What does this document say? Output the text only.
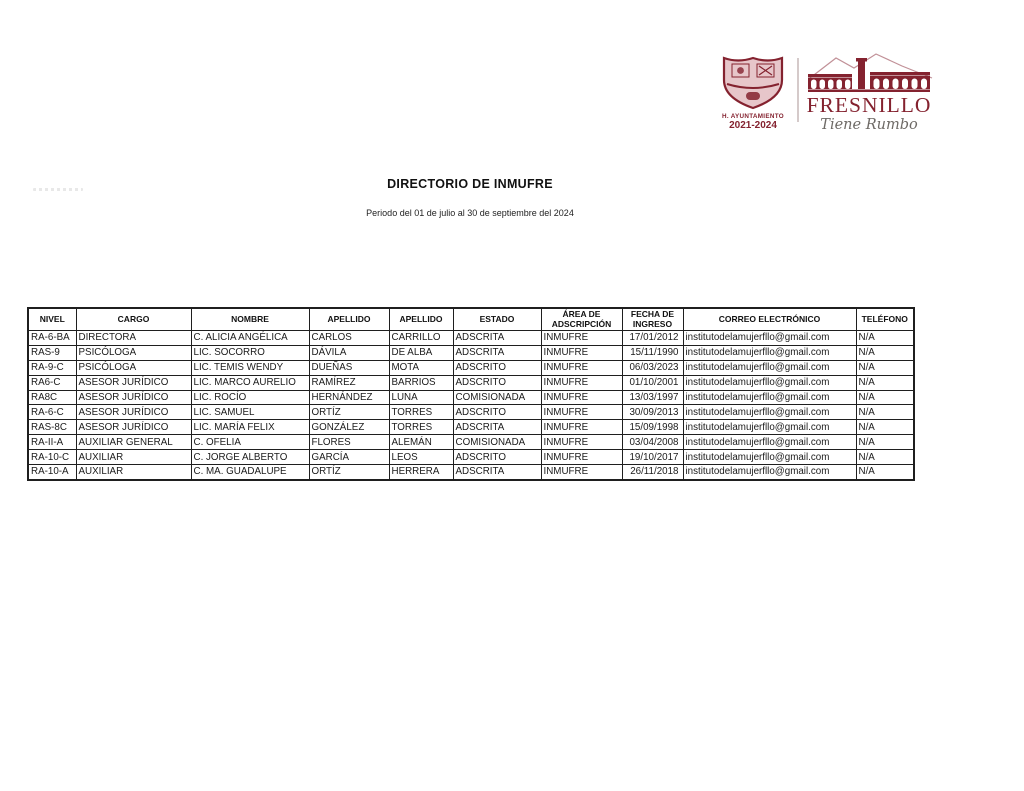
H. AYUNTAMIENTO
2021-2024
FRESNILLO
Tiene Rumbo
DIRECTORIO DE INMUFRE
Periodo del 01 de julio al 30 de septiembre del 2024
NIVEL	CARGO	NOMBRE	APELLIDO	APELLIDO	ESTADO	ÁREA DE ADSCRIPCIÓN	FECHA DE INGRESO	CORREO ELECTRÓNICO	TELÉFONO
RA-6-BA	DIRECTORA	C. ALICIA ANGÉLICA	CARLOS	CARRILLO	ADSCRITA	INMUFRE	17/01/2012	institutodelamujerfllo@gmail.com	N/A
RAS-9	PSICÓLOGA	LIC. SOCORRO	DÁVILA	DE ALBA	ADSCRITA	INMUFRE	15/11/1990	institutodelamujerfllo@gmail.com	N/A
RA-9-C	PSICÓLOGA	LIC. TEMIS WENDY	DUEÑAS	MOTA	ADSCRITO	INMUFRE	06/03/2023	institutodelamujerfllo@gmail.com	N/A
RA6-C	ASESOR JURÍDICO	LIC. MARCO AURELIO	RAMÍREZ	BARRIOS	ADSCRITO	INMUFRE	01/10/2001	institutodelamujerfllo@gmail.com	N/A
RA8C	ASESOR JURÍDICO	LIC. ROCÍO	HERNÁNDEZ	LUNA	COMISIONADA	INMUFRE	13/03/1997	institutodelamujerfllo@gmail.com	N/A
RA-6-C	ASESOR JURÍDICO	LIC. SAMUEL	ORTÍZ	TORRES	ADSCRITO	INMUFRE	30/09/2013	institutodelamujerfllo@gmail.com	N/A
RAS-8C	ASESOR JURÍDICO	LIC. MARÍA FELIX	GONZÁLEZ	TORRES	ADSCRITA	INMUFRE	15/09/1998	institutodelamujerfllo@gmail.com	N/A
RA-II-A	AUXILIAR GENERAL	C. OFELIA	FLORES	ALEMÁN	COMISIONADA	INMUFRE	03/04/2008	institutodelamujerfllo@gmail.com	N/A
RA-10-C	AUXILIAR	C. JORGE ALBERTO	GARCÍA	LEOS	ADSCRITO	INMUFRE	19/10/2017	institutodelamujerfllo@gmail.com	N/A
RA-10-A	AUXILIAR	C. MA. GUADALUPE	ORTÍZ	HERRERA	ADSCRITA	INMUFRE	26/11/2018	institutodelamujerfllo@gmail.com	N/A
